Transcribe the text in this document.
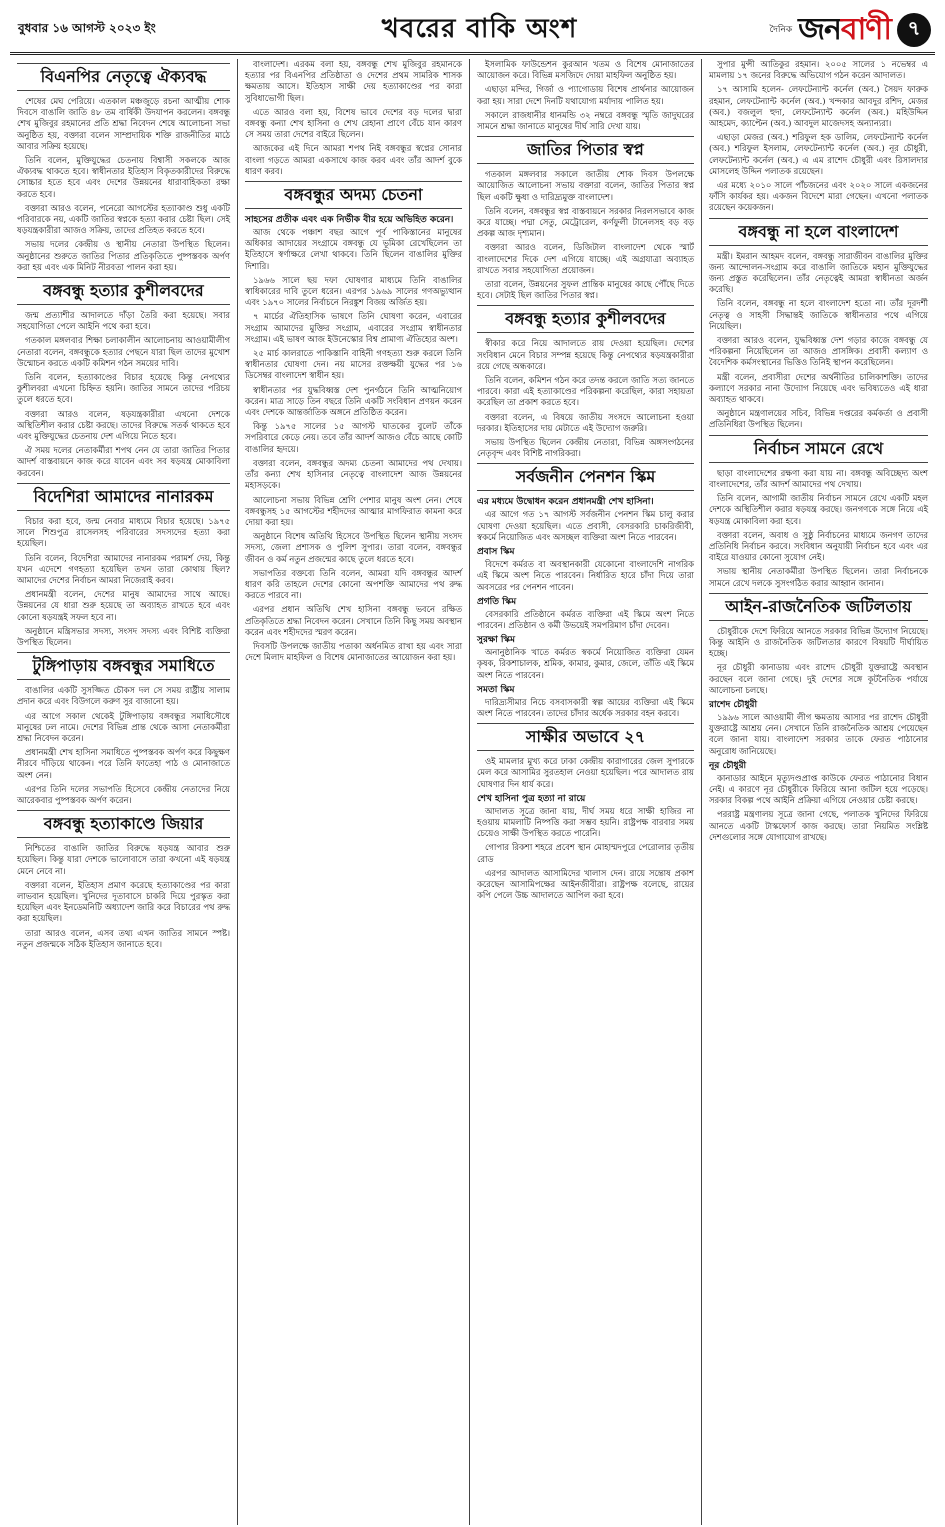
বুধবার ১৬ আগস্ট ২০২৩ ইং	খবরের বাকি অংশ	দৈনিক জনবাণী ৭
বিএনপির নেতৃত্বে ঐক্যবদ্ধ

শেষের মেঘ পেরিয়ে। এতকাল মঞ্চজুড়ে রচনা আত্মীয় শোক দিবসে বাঙালি জাতি ৪৮ তম বার্ষিকী উদযাপন করলেন। বঙ্গবন্ধু শেখ মুজিবুর রহমানের প্রতি শ্রদ্ধা নিবেদন শেষে আলোচনা সভা অনুষ্ঠিত হয়, বক্তারা বলেন সাম্প্রদায়িক শক্তি রাজনীতির মাঠে আবার সক্রিয় হয়েছে।

তিনি বলেন, মুক্তিযুদ্ধের চেতনায় বিশ্বাসী সকলকে আজ ঐক্যবদ্ধ থাকতে হবে। স্বাধীনতার ইতিহাস বিকৃতকারীদের বিরুদ্ধে সোচ্চার হতে হবে এবং দেশের উন্নয়নের ধারাবাহিকতা রক্ষা করতে হবে।

বক্তারা আরও বলেন, পনেরো আগস্টের হত্যাকাণ্ড শুধু একটি পরিবারকে নয়, একটি জাতির স্বপ্নকে হত্যা করার চেষ্টা ছিল। সেই ষড়যন্ত্রকারীরা আজও সক্রিয়, তাদের প্রতিহত করতে হবে।

সভায় দলের কেন্দ্রীয় ও স্থানীয় নেতারা উপস্থিত ছিলেন। অনুষ্ঠানের শুরুতে জাতির পিতার প্রতিকৃতিতে পুষ্পস্তবক অর্পণ করা হয় এবং এক মিনিট নীরবতা পালন করা হয়।

বঙ্গবন্ধু হত্যার কুশীলবদের

জন্ম প্রত্যাশীর আদালতে দাঁড়া তৈরি করা হয়েছে। সবার সহযোগিতা পেলে আইনি পথে করা হবে।

গতকাল মঙ্গলবার শিক্ষা চলাকালীন আলোচনায় আওয়ামীলীগ নেতারা বলেন, বঙ্গবন্ধুকে হত্যার পেছনে যারা ছিল তাদের মুখোশ উন্মোচন করতে একটি কমিশন গঠন সময়ের দাবি।

তিনি বলেন, হত্যাকাণ্ডের বিচার হয়েছে কিন্তু নেপথ্যের কুশীলবরা এখনো চিহ্নিত হয়নি। জাতির সামনে তাদের পরিচয় তুলে ধরতে হবে।

বক্তারা আরও বলেন, ষড়যন্ত্রকারীরা এখনো দেশকে অস্থিতিশীল করার চেষ্টা করছে। তাদের বিরুদ্ধে সতর্ক থাকতে হবে এবং মুক্তিযুদ্ধের চেতনায় দেশ এগিয়ে নিতে হবে।

ঐ সময় দলের নেতাকর্মীরা শপথ নেন যে তারা জাতির পিতার আদর্শ বাস্তবায়নে কাজ করে যাবেন এবং সব ষড়যন্ত্র মোকাবিলা করবেন।

বিদেশিরা আমাদের নানারকম

বিচার করা হবে, জন্ম নেবার মাধ্যমে বিচার হয়েছে। ১৯৭৫ সালে শিশুপুত্র রাসেলসহ পরিবারের সদস্যদের হত্যা করা হয়েছিল।

তিনি বলেন, বিদেশিরা আমাদের নানারকম পরামর্শ দেয়, কিন্তু যখন এদেশে গণহত্যা হয়েছিল তখন তারা কোথায় ছিল? আমাদের দেশের নির্বাচন আমরা নিজেরাই করব।

প্রধানমন্ত্রী বলেন, দেশের মানুষ আমাদের সাথে আছে। উন্নয়নের যে ধারা শুরু হয়েছে তা অব্যাহত রাখতে হবে এবং কোনো ষড়যন্ত্রই সফল হবে না।

অনুষ্ঠানে মন্ত্রিসভার সদস্য, সংসদ সদস্য এবং বিশিষ্ট ব্যক্তিরা উপস্থিত ছিলেন।

টুঙ্গিপাড়ায় বঙ্গবন্ধুর সমাধিতে

বাঙালির একটি সুসজ্জিত চৌকস দল সে সময় রাষ্ট্রীয় সালাম প্রদান করে এবং বিউগলে করুণ সুর বাজানো হয়।

এর আগে সকাল থেকেই টুঙ্গিপাড়ায় বঙ্গবন্ধুর সমাধিসৌধে মানুষের ঢল নামে। দেশের বিভিন্ন প্রান্ত থেকে আসা নেতাকর্মীরা শ্রদ্ধা নিবেদন করেন।

প্রধানমন্ত্রী শেখ হাসিনা সমাধিতে পুষ্পস্তবক অর্পণ করে কিছুক্ষণ নীরবে দাঁড়িয়ে থাকেন। পরে তিনি ফাতেহা পাঠ ও মোনাজাতে অংশ নেন।

এরপর তিনি দলের সভাপতি হিসেবে কেন্দ্রীয় নেতাদের নিয়ে আরেকবার পুষ্পস্তবক অর্পণ করেন।

বঙ্গবন্ধু হত্যাকাণ্ডে জিয়ার

নিশ্চিতের বাঙালি জাতির বিরুদ্ধে ষড়যন্ত্র আবার শুরু হয়েছিল। কিন্তু যারা দেশকে ভালোবাসে তারা কখনো এই ষড়যন্ত্র মেনে নেবে না।

বক্তারা বলেন, ইতিহাস প্রমাণ করেছে হত্যাকাণ্ডের পর কারা লাভবান হয়েছিল। খুনিদের দূতাবাসে চাকরি দিয়ে পুরস্কৃত করা হয়েছিল এবং ইনডেমনিটি অধ্যাদেশ জারি করে বিচারের পথ রুদ্ধ করা হয়েছিল।

তারা আরও বলেন, এসব তথ্য এখন জাতির সামনে স্পষ্ট। নতুন প্রজন্মকে সঠিক ইতিহাস জানাতে হবে।

বাংলাদেশ। এরকম বলা হয়, বঙ্গবন্ধু শেখ মুজিবুর রহমানকে হত্যার পর বিএনপির প্রতিষ্ঠাতা ও দেশের প্রথম সামরিক শাসক ক্ষমতায় আসে। ইতিহাস সাক্ষী দেয় হত্যাকাণ্ডের পর কারা সুবিধাভোগী ছিল।

এতে আরও বলা হয়, বিশেষ ভাবে দেশের বড় দলের দ্বারা বঙ্গবন্ধু কন্যা শেখ হাসিনা ও শেখ রেহানা প্রাণে বেঁচে যান কারণ সে সময় তারা দেশের বাইরে ছিলেন।

আজকের এই দিনে আমরা শপথ নিই বঙ্গবন্ধুর স্বপ্নের সোনার বাংলা গড়তে আমরা একসাথে কাজ করব এবং তাঁর আদর্শ বুকে ধারণ করব।

বঙ্গবন্ধুর অদম্য চেতনা

সাহসের প্রতীক এবং এক নির্ভীক বীর হয়ে অভিহিত করেন।

আজ থেকে পঞ্চাশ বছর আগে পূর্ব পাকিস্তানের মানুষের অধিকার আদায়ের সংগ্রামে বঙ্গবন্ধু যে ভূমিকা রেখেছিলেন তা ইতিহাসে স্বর্ণাক্ষরে লেখা থাকবে। তিনি ছিলেন বাঙালির মুক্তির দিশারি।

১৯৬৬ সালে ছয় দফা ঘোষণার মাধ্যমে তিনি বাঙালির স্বাধিকারের দাবি তুলে ধরেন। এরপর ১৯৬৯ সালের গণঅভ্যুত্থান এবং ১৯৭০ সালের নির্বাচনে নিরঙ্কুশ বিজয় অর্জিত হয়।

৭ মার্চের ঐতিহাসিক ভাষণে তিনি ঘোষণা করেন, এবারের সংগ্রাম আমাদের মুক্তির সংগ্রাম, এবারের সংগ্রাম স্বাধীনতার সংগ্রাম। এই ভাষণ আজ ইউনেস্কোর বিশ্ব প্রামাণ্য ঐতিহ্যের অংশ।

২৫ মার্চ কালরাতে পাকিস্তানি বাহিনী গণহত্যা শুরু করলে তিনি স্বাধীনতার ঘোষণা দেন। নয় মাসের রক্তক্ষয়ী যুদ্ধের পর ১৬ ডিসেম্বর বাংলাদেশ স্বাধীন হয়।

স্বাধীনতার পর যুদ্ধবিধ্বস্ত দেশ পুনর্গঠনে তিনি আত্মনিয়োগ করেন। মাত্র সাড়ে তিন বছরে তিনি একটি সংবিধান প্রণয়ন করেন এবং দেশকে আন্তর্জাতিক অঙ্গনে প্রতিষ্ঠিত করেন।

কিন্তু ১৯৭৫ সালের ১৫ আগস্ট ঘাতকের বুলেট তাঁকে সপরিবারে কেড়ে নেয়। তবে তাঁর আদর্শ আজও বেঁচে আছে কোটি বাঙালির হৃদয়ে।

বক্তারা বলেন, বঙ্গবন্ধুর অদম্য চেতনা আমাদের পথ দেখায়। তাঁর কন্যা শেখ হাসিনার নেতৃত্বে বাংলাদেশ আজ উন্নয়নের মহাসড়কে।

আলোচনা সভায় বিভিন্ন শ্রেণি পেশার মানুষ অংশ নেন। শেষে বঙ্গবন্ধুসহ ১৫ আগস্টের শহীদদের আত্মার মাগফিরাত কামনা করে দোয়া করা হয়।

অনুষ্ঠানে বিশেষ অতিথি হিসেবে উপস্থিত ছিলেন স্থানীয় সংসদ সদস্য, জেলা প্রশাসক ও পুলিশ সুপার। তারা বলেন, বঙ্গবন্ধুর জীবন ও কর্ম নতুন প্রজন্মের কাছে তুলে ধরতে হবে।

সভাপতির বক্তব্যে তিনি বলেন, আমরা যদি বঙ্গবন্ধুর আদর্শ ধারণ করি তাহলে দেশের কোনো অপশক্তি আমাদের পথ রুদ্ধ করতে পারবে না।

এরপর প্রধান অতিথি শেখ হাসিনা বঙ্গবন্ধু ভবনে রক্ষিত প্রতিকৃতিতে শ্রদ্ধা নিবেদন করেন। সেখানে তিনি কিছু সময় অবস্থান করেন এবং শহীদদের স্মরণ করেন।

দিবসটি উপলক্ষে জাতীয় পতাকা অর্ধনমিত রাখা হয় এবং সারা দেশে মিলাদ মাহফিল ও বিশেষ মোনাজাতের আয়োজন করা হয়।

ইসলামিক ফাউন্ডেশন কুরআন খতম ও বিশেষ মোনাজাতের আয়োজন করে। বিভিন্ন মসজিদে দোয়া মাহফিল অনুষ্ঠিত হয়।

এছাড়া মন্দির, গির্জা ও প্যাগোডায় বিশেষ প্রার্থনার আয়োজন করা হয়। সারা দেশে দিনটি যথাযোগ্য মর্যাদায় পালিত হয়।

সকালে রাজধানীর ধানমন্ডি ৩২ নম্বরে বঙ্গবন্ধু স্মৃতি জাদুঘরের সামনে শ্রদ্ধা জানাতে মানুষের দীর্ঘ সারি দেখা যায়।

জাতির পিতার স্বপ্ন

গতকাল মঙ্গলবার সকালে জাতীয় শোক দিবস উপলক্ষে আয়োজিত আলোচনা সভায় বক্তারা বলেন, জাতির পিতার স্বপ্ন ছিল একটি ক্ষুধা ও দারিদ্র্যমুক্ত বাংলাদেশ।

তিনি বলেন, বঙ্গবন্ধুর স্বপ্ন বাস্তবায়নে সরকার নিরলসভাবে কাজ করে যাচ্ছে। পদ্মা সেতু, মেট্রোরেল, কর্ণফুলী টানেলসহ বড় বড় প্রকল্প আজ দৃশ্যমান।

বক্তারা আরও বলেন, ডিজিটাল বাংলাদেশ থেকে স্মার্ট বাংলাদেশের দিকে দেশ এগিয়ে যাচ্ছে। এই অগ্রযাত্রা অব্যাহত রাখতে সবার সহযোগিতা প্রয়োজন।

তারা বলেন, উন্নয়নের সুফল প্রান্তিক মানুষের কাছে পৌঁছে দিতে হবে। সেটাই ছিল জাতির পিতার স্বপ্ন।

বঙ্গবন্ধু হত্যার কুশীলবদের

স্বীকার করে নিয়ে আদালতে রায় দেওয়া হয়েছিল। দেশের সংবিধান মেনে বিচার সম্পন্ন হয়েছে কিন্তু নেপথ্যের ষড়যন্ত্রকারীরা রয়ে গেছে অন্ধকারে।

তিনি বলেন, কমিশন গঠন করে তদন্ত করলে জাতি সত্য জানতে পারবে। কারা এই হত্যাকাণ্ডের পরিকল্পনা করেছিল, কারা সহায়তা করেছিল তা প্রকাশ করতে হবে।

বক্তারা বলেন, এ বিষয়ে জাতীয় সংসদে আলোচনা হওয়া দরকার। ইতিহাসের দায় মেটাতে এই উদ্যোগ জরুরি।

সভায় উপস্থিত ছিলেন কেন্দ্রীয় নেতারা, বিভিন্ন অঙ্গসংগঠনের নেতৃবৃন্দ এবং বিশিষ্ট নাগরিকরা।

সর্বজনীন পেনশন স্কিম

এর মধ্যমে উদ্বোধন করেন প্রধানমন্ত্রী শেখ হাসিনা।

এর আগে গত ১৭ আগস্ট সর্বজনীন পেনশন স্কিম চালু করার ঘোষণা দেওয়া হয়েছিল। এতে প্রবাসী, বেসরকারি চাকরিজীবী, স্বকর্মে নিয়োজিত এবং অসচ্ছল ব্যক্তিরা অংশ নিতে পারবেন।

প্রবাস স্কিম

বিদেশে কর্মরত বা অবস্থানকারী যেকোনো বাংলাদেশি নাগরিক এই স্কিমে অংশ নিতে পারবেন। নির্ধারিত হারে চাঁদা দিয়ে তারা অবসরের পর পেনশন পাবেন।

প্রগতি স্কিম

বেসরকারি প্রতিষ্ঠানে কর্মরত ব্যক্তিরা এই স্কিমে অংশ নিতে পারবেন। প্রতিষ্ঠান ও কর্মী উভয়েই সমপরিমাণ চাঁদা দেবেন।

সুরক্ষা স্কিম

অনানুষ্ঠানিক খাতে কর্মরত স্বকর্মে নিয়োজিত ব্যক্তিরা যেমন কৃষক, রিকশাচালক, শ্রমিক, কামার, কুমার, জেলে, তাঁতি এই স্কিমে অংশ নিতে পারবেন।

সমতা স্কিম

দারিদ্র্যসীমার নিচে বসবাসকারী স্বল্প আয়ের ব্যক্তিরা এই স্কিমে অংশ নিতে পারবেন। তাদের চাঁদার অর্ধেক সরকার বহন করবে।

সাক্ষীর অভাবে ২৭

ওই মামলার মুখ্য করে ঢাকা কেন্দ্রীয় কারাগারের জেল সুপারকে মেল করে আসামির সুরতহাল নেওয়া হয়েছিল। পরে আদালত রায় ঘোষণার দিন ধার্য করে।

শেখ হাসিনা পুত্র হত্যা না রায়ে

আদালত সূত্রে জানা যায়, দীর্ঘ সময় ধরে সাক্ষী হাজির না হওয়ায় মামলাটি নিষ্পত্তি করা সম্ভব হয়নি। রাষ্ট্রপক্ষ বারবার সময় চেয়েও সাক্ষী উপস্থিত করতে পারেনি।

গোপার রিকশা শহরে প্রবেশ স্থান মোহাম্মদপুরে পেরোলার তৃতীয় রোড

এরপর আদালত আসামিদের খালাস দেন। রায়ে সন্তোষ প্রকাশ করেছেন আসামিপক্ষের আইনজীবীরা। রাষ্ট্রপক্ষ বলেছে, রায়ের কপি পেলে উচ্চ আদালতে আপিল করা হবে।

সুপার মুন্সী আতিকুর রহমান। ২০০৫ সালের ১ নভেম্বর এ মামলায় ১৭ জনের বিরুদ্ধে অভিযোগ গঠন করেন আদালত।

১৭ আসামি হলেন- লেফটেন্যান্ট কর্নেল (অব.) সৈয়দ ফারুক রহমান, লেফটেন্যান্ট কর্নেল (অব.) খন্দকার আবদুর রশিদ, মেজর (অব.) বজলুল হুদা, লেফটেন্যান্ট কর্নেল (অব.) মহিউদ্দিন আহমেদ, ক্যাপ্টেন (অব.) আবদুল মাজেদসহ অন্যান্যরা।

এছাড়া মেজর (অব.) শরিফুল হক ডালিম, লেফটেন্যান্ট কর্নেল (অব.) শরিফুল ইসলাম, লেফটেন্যান্ট কর্নেল (অব.) নূর চৌধুরী, লেফটেন্যান্ট কর্নেল (অব.) এ এম রাশেদ চৌধুরী এবং রিসালদার মোসলেহ উদ্দিন পলাতক রয়েছেন।

এর মধ্যে ২০১০ সালে পাঁচজনের এবং ২০২০ সালে একজনের ফাঁসি কার্যকর হয়। একজন বিদেশে মারা গেছেন। এখনো পলাতক রয়েছেন কয়েকজন।

বঙ্গবন্ধু না হলে বাংলাদেশ

মন্ত্রী। ইমরান আহমদ বলেন, বঙ্গবন্ধু সারাজীবন বাঙালির মুক্তির জন্য আন্দোলন-সংগ্রাম করে বাঙালি জাতিকে মহান মুক্তিযুদ্ধের জন্য প্রস্তুত করেছিলেন। তাঁর নেতৃত্বেই আমরা স্বাধীনতা অর্জন করেছি।

তিনি বলেন, বঙ্গবন্ধু না হলে বাংলাদেশ হতো না। তাঁর দূরদর্শী নেতৃত্ব ও সাহসী সিদ্ধান্তই জাতিকে স্বাধীনতার পথে এগিয়ে নিয়েছিল।

বক্তারা আরও বলেন, যুদ্ধবিধ্বস্ত দেশ গড়ার কাজে বঙ্গবন্ধু যে পরিকল্পনা নিয়েছিলেন তা আজও প্রাসঙ্গিক। প্রবাসী কল্যাণ ও বৈদেশিক কর্মসংস্থানের ভিত্তিও তিনিই স্থাপন করেছিলেন।

মন্ত্রী বলেন, প্রবাসীরা দেশের অর্থনীতির চালিকাশক্তি। তাদের কল্যাণে সরকার নানা উদ্যোগ নিয়েছে এবং ভবিষ্যতেও এই ধারা অব্যাহত থাকবে।

অনুষ্ঠানে মন্ত্রণালয়ের সচিব, বিভিন্ন দপ্তরের কর্মকর্তা ও প্রবাসী প্রতিনিধিরা উপস্থিত ছিলেন।

নির্বাচন সামনে রেখে

ছাড়া বাংলাদেশের রক্ষণা করা যায় না। বঙ্গবন্ধু অবিচ্ছেদ্য অংশ বাংলাদেশের, তাঁর আদর্শ আমাদের পথ দেখায়।

তিনি বলেন, আগামী জাতীয় নির্বাচন সামনে রেখে একটি মহল দেশকে অস্থিতিশীল করার ষড়যন্ত্র করছে। জনগণকে সঙ্গে নিয়ে এই ষড়যন্ত্র মোকাবিলা করা হবে।

বক্তারা বলেন, অবাধ ও সুষ্ঠু নির্বাচনের মাধ্যমে জনগণ তাদের প্রতিনিধি নির্বাচন করবে। সংবিধান অনুযায়ী নির্বাচন হবে এবং এর বাইরে যাওয়ার কোনো সুযোগ নেই।

সভায় স্থানীয় নেতাকর্মীরা উপস্থিত ছিলেন। তারা নির্বাচনকে সামনে রেখে দলকে সুসংগঠিত করার আহ্বান জানান।

আইন-রাজনৈতিক জটিলতায়

চৌধুরীকে দেশে ফিরিয়ে আনতে সরকার বিভিন্ন উদ্যোগ নিয়েছে। কিন্তু আইনি ও রাজনৈতিক জটিলতার কারণে বিষয়টি দীর্ঘায়িত হচ্ছে।

নূর চৌধুরী কানাডায় এবং রাশেদ চৌধুরী যুক্তরাষ্ট্রে অবস্থান করছেন বলে জানা গেছে। দুই দেশের সঙ্গে কূটনৈতিক পর্যায়ে আলোচনা চলছে।

রাশেদ চৌধুরী

১৯৯৬ সালে আওয়ামী লীগ ক্ষমতায় আসার পর রাশেদ চৌধুরী যুক্তরাষ্ট্রে আশ্রয় নেন। সেখানে তিনি রাজনৈতিক আশ্রয় পেয়েছেন বলে জানা যায়। বাংলাদেশ সরকার তাকে ফেরত পাঠানোর অনুরোধ জানিয়েছে।

নূর চৌধুরী

কানাডার আইনে মৃত্যুদণ্ডপ্রাপ্ত কাউকে ফেরত পাঠানোর বিধান নেই। এ কারণে নূর চৌধুরীকে ফিরিয়ে আনা জটিল হয়ে পড়েছে। সরকার বিকল্প পথে আইনি প্রক্রিয়া এগিয়ে নেওয়ার চেষ্টা করছে।

পররাষ্ট্র মন্ত্রণালয় সূত্রে জানা গেছে, পলাতক খুনিদের ফিরিয়ে আনতে একটি টাস্কফোর্স কাজ করছে। তারা নিয়মিত সংশ্লিষ্ট দেশগুলোর সঙ্গে যোগাযোগ রাখছে।
